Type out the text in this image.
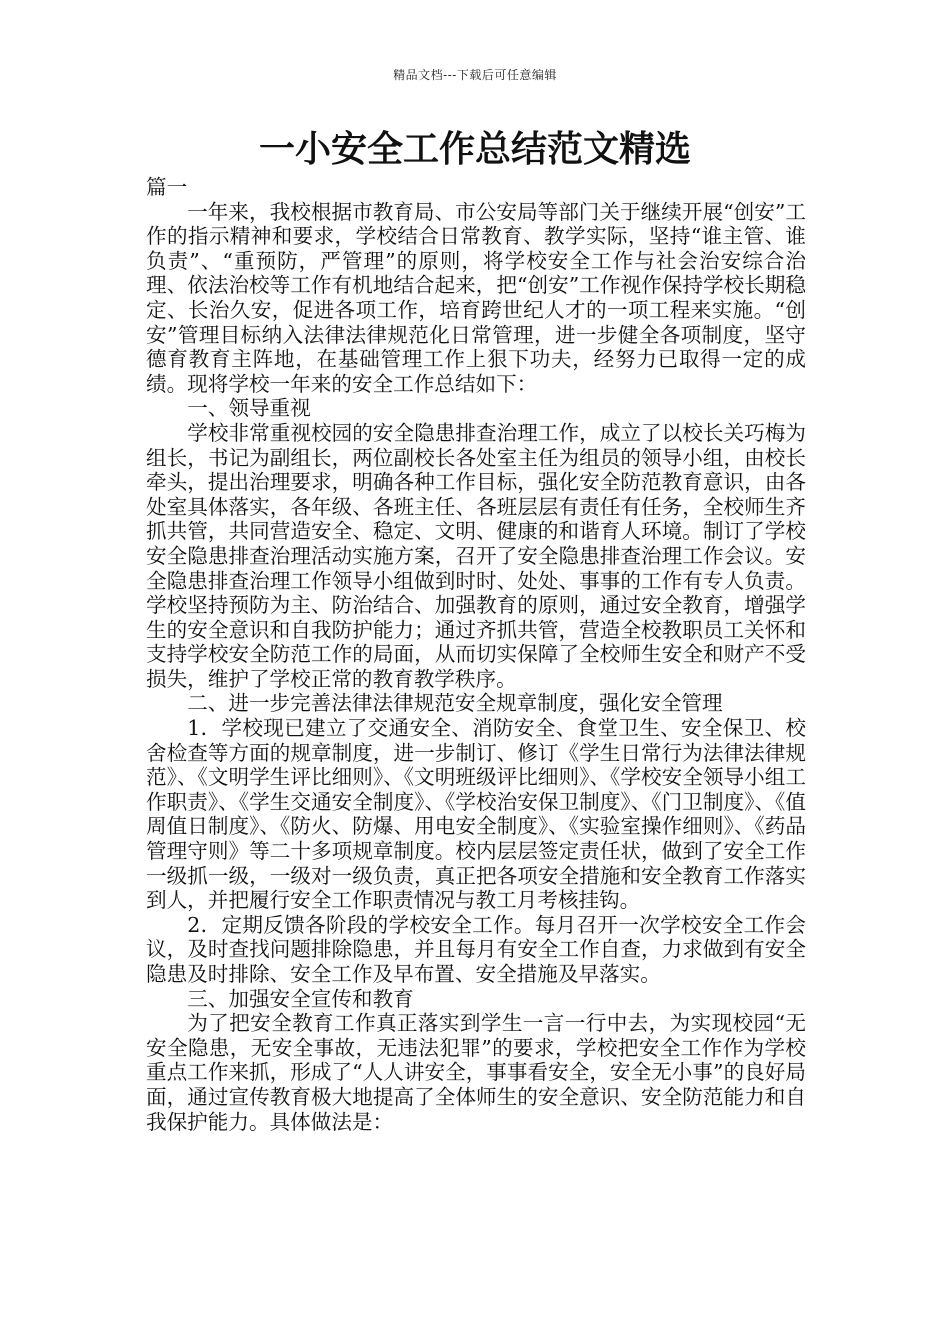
精品文档---下载后可任意编辑
一小安全工作总结范文精选

篇一

一年来，我校根据市教育局、市公安局等部门关于继续开展“创安”工作的指示精神和要求，学校结合日常教育、教学实际，坚持“谁主管、谁负责”、“重预防，严管理”的原则，将学校安全工作与社会治安综合治理、依法治校等工作有机地结合起来，把“创安”工作视作保持学校长期稳定、长治久安，促进各项工作，培育跨世纪人才的一项工程来实施。“创安”管理目标纳入法律法律规范化日常管理，进一步健全各项制度，坚守德育教育主阵地，在基础管理工作上狠下功夫，经努力已取得一定的成绩。现将学校一年来的安全工作总结如下：

一、领导重视

学校非常重视校园的安全隐患排查治理工作，成立了以校长关巧梅为组长，书记为副组长，两位副校长各处室主任为组员的领导小组，由校长牵头，提出治理要求，明确各种工作目标，强化安全防范教育意识，由各处室具体落实，各年级、各班主任、各班层层有责任有任务，全校师生齐抓共管，共同营造安全、稳定、文明、健康的和谐育人环境。制订了学校安全隐患排查治理活动实施方案，召开了安全隐患排查治理工作会议。安全隐患排查治理工作领导小组做到时时、处处、事事的工作有专人负责。学校坚持预防为主、防治结合、加强教育的原则，通过安全教育，增强学生的安全意识和自我防护能力；通过齐抓共管，营造全校教职员工关怀和支持学校安全防范工作的局面，从而切实保障了全校师生安全和财产不受损失，维护了学校正常的教育教学秩序。

二、进一步完善法律法律规范安全规章制度，强化安全管理

1．学校现已建立了交通安全、消防安全、食堂卫生、安全保卫、校舍检查等方面的规章制度，进一步制订、修订《学生日常行为法律法律规范》、《文明学生评比细则》、《文明班级评比细则》、《学校安全领导小组工作职责》、《学生交通安全制度》、《学校治安保卫制度》、《门卫制度》、《值周值日制度》、《防火、防爆、用电安全制度》、《实验室操作细则》、《药品管理守则》等二十多项规章制度。校内层层签定责任状，做到了安全工作一级抓一级，一级对一级负责，真正把各项安全措施和安全教育工作落实到人，并把履行安全工作职责情况与教工月考核挂钩。

2．定期反馈各阶段的学校安全工作。每月召开一次学校安全工作会议，及时查找问题排除隐患，并且每月有安全工作自查，力求做到有安全隐患及时排除、安全工作及早布置、安全措施及早落实。

三、加强安全宣传和教育

为了把安全教育工作真正落实到学生一言一行中去，为实现校园“无安全隐患，无安全事故，无违法犯罪”的要求，学校把安全工作作为学校重点工作来抓，形成了“人人讲安全，事事看安全，安全无小事”的良好局面，通过宣传教育极大地提高了全体师生的安全意识、安全防范能力和自我保护能力。具体做法是：
